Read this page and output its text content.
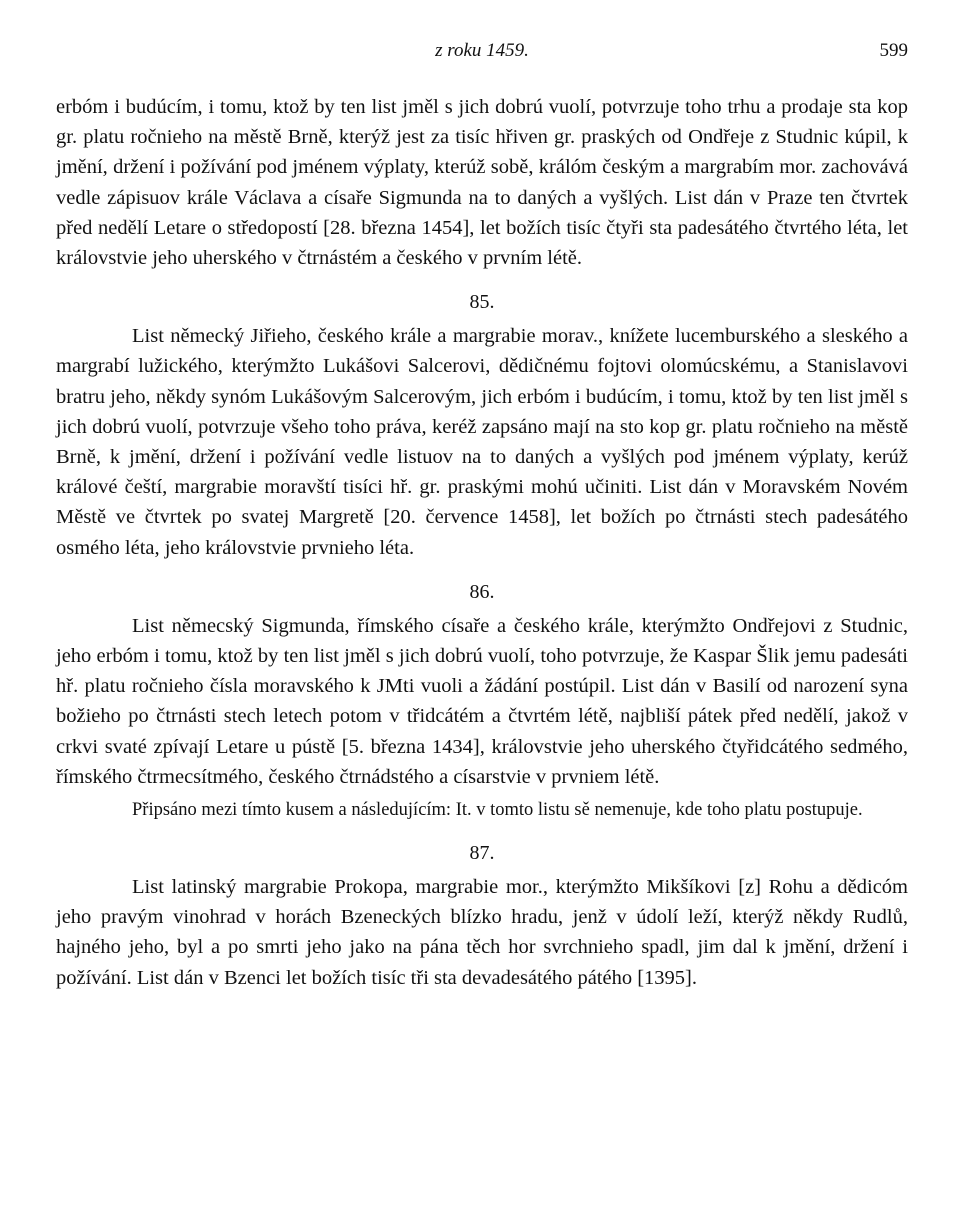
z roku 1459.	599

erbóm i budúcím, i tomu, ktož by ten list jměl s jich dobrú vuolí, potvrzuje toho trhu a prodaje sta kop gr. platu ročnieho na městě Brně, kterýž jest za tisíc hřiven gr. praských od Ondřeje z Studnic kúpil, k jmění, držení i požívání pod jménem výplaty, kterúž sobě, králóm českým a margrabím mor. zachovává vedle zápisuov krále Václava a císaře Sigmunda na to daných a vyšlých. List dán v Praze ten čtvrtek před nedělí Letare o středopostí [28. března 1454], let božích tisíc čtyři sta padesátého čtvrtého léta, let královstvie jeho uherského v čtrnástém a českého v prvním létě.

85.

List německý Jiřieho, českého krále a margrabie morav., knížete lucemburského a sleského a margrabí lužického, kterýmžto Lukášovi Salcerovi, dědičnému fojtovi olomúcskému, a Stanislavovi bratru jeho, někdy synóm Lukášovým Salcerovým, jich erbóm i budúcím, i tomu, ktož by ten list jměl s jich dobrú vuolí, potvrzuje všeho toho práva, keréž zapsáno mají na sto kop gr. platu ročnieho na městě Brně, k jmění, držení i požívání vedle listuov na to daných a vyšlých pod jménem výplaty, kerúž králové čeští, margrabie moravští tisíci hř. gr. praskými mohú učiniti. List dán v Moravském Novém Městě ve čtvrtek po svatej Margretě [20. července 1458], let božích po čtrnásti stech padesátého osmého léta, jeho královstvie prvnieho léta.

86.

List němecský Sigmunda, římského císaře a českého krále, kterýmžto Ondřejovi z Studnic, jeho erbóm i tomu, ktož by ten list jměl s jich dobrú vuolí, toho potvrzuje, že Kaspar Šlik jemu padesáti hř. platu ročnieho čísla moravského k JMti vuoli a žádání postúpil. List dán v Basilí od narození syna božieho po čtrnásti stech letech potom v třidcátém a čtvrtém létě, najbliší pátek před nedělí, jakož v crkvi svaté zpívají Letare u pústě [5. března 1434], královstvie jeho uherského čtyřidcátého sedmého, římského čtrmecsítmého, českého čtrnádstého a císarstvie v prvniem létě.

Připsáno mezi tímto kusem a následujícím: It. v tomto listu sě nemenuje, kde toho platu postupuje.

87.

List latinský margrabie Prokopa, margrabie mor., kterýmžto Mikšíkovi [z] Rohu a dědicóm jeho pravým vinohrad v horách Bzeneckých blízko hradu, jenž v údolí leží, kterýž někdy Rudlů, hajného jeho, byl a po smrti jeho jako na pána těch hor svrchnieho spadl, jim dal k jmění, držení i požívání. List dán v Bzenci let božích tisíc tři sta devadesátého pátého [1395].
